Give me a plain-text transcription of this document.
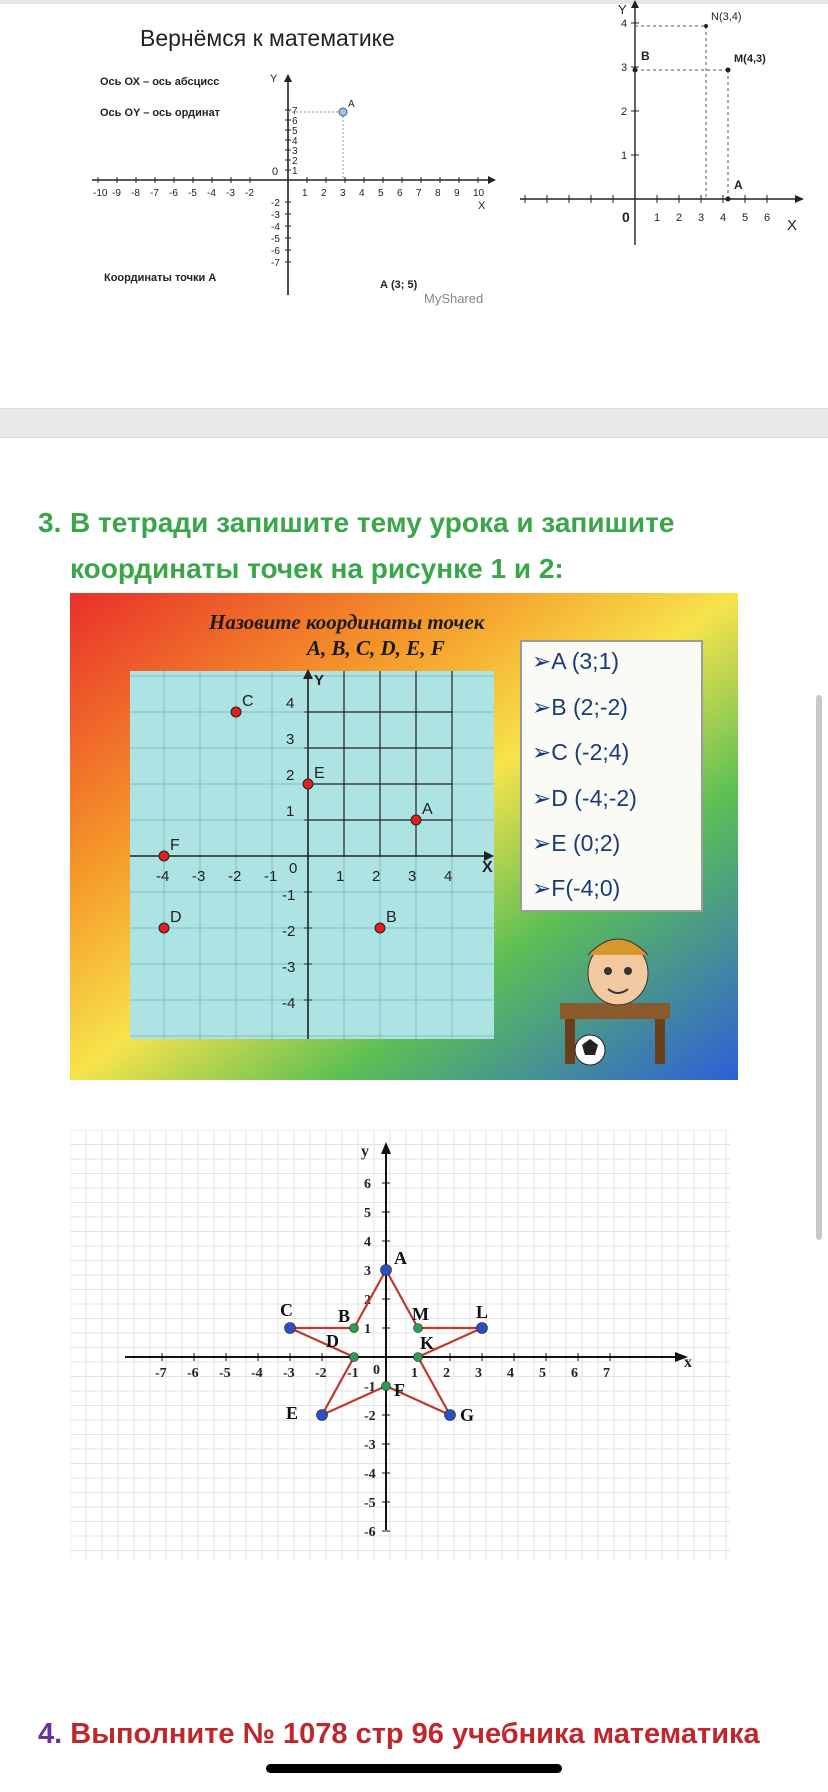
Вернёмся к математике
Ось ОХ – ось абсцисс
Ось ОY – ось ординат
Координаты точки А
X
Y
0
-10 -9 -8 -7 -6 -5 -4 -3 -2	1 2 3 4 5 6 7 8 9 10
7
6
5
4
3
2
1
-2
-3
-4
-5
-6
-7
A
А (3; 5)
MyShared
Y
X
0 1 2 3 4 5 6
1
2
3
4
N(3,4)
M(4,3)
B
A
3. В тетради запишите тему урока и запишите
координаты точек на рисунке 1 и 2:
Назовите координаты точек
А, В, С, D, Е, F
X
Y
0
-4 -3 -2 -1	1 2 3 4
4
3
2
1
-1
-2
-3
-4
A
B
C
D
E
F
➢A (3;1)
➢B (2;-2)
➢C (-2;4)
➢D (-4;-2)
➢E (0;2)
➢F(-4;0)
x
y
0
-7 -6 -5 -4 -3 -2 -1	1 2 3 4 5 6 7
6
5
4
3
2
1
-1
-2
-3
-4
-5
-6
A
B
C
D
E
F
G
K
L
M
4. Выполните № 1078 стр 96 учебника математика
